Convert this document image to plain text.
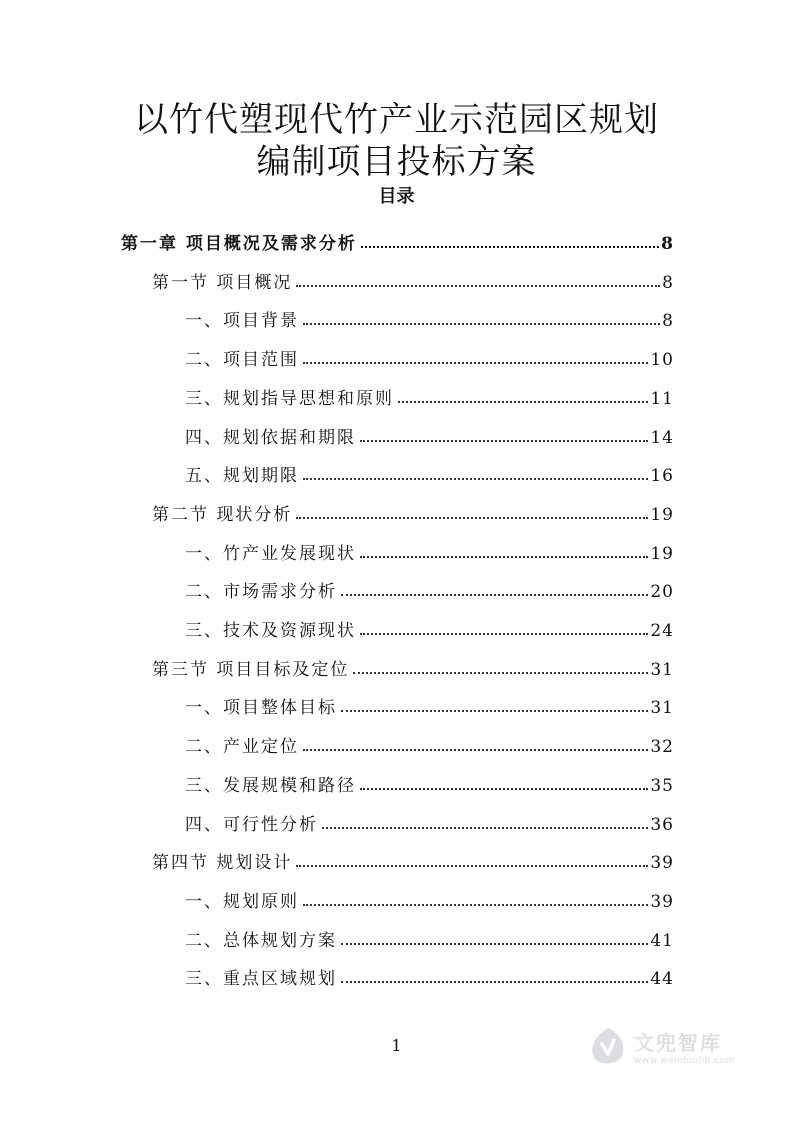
以竹代塑现代竹产业示范园区规划
编制项目投标方案
目录
第一章 项目概况及需求分析	8
第一节 项目概况	8
一、项目背景	8
二、项目范围	10
三、规划指导思想和原则	11
四、规划依据和期限	14
五、规划期限	16
第二节 现状分析	19
一、竹产业发展现状	19
二、市场需求分析	20
三、技术及资源现状	24
第三节 项目目标及定位	31
一、项目整体目标	31
二、产业定位	32
三、发展规模和路径	35
四、可行性分析	36
第四节 规划设计	39
一、规划原则	39
二、总体规划方案	41
三、重点区域规划	44
1	文兜智库
www.wendoulib.com
